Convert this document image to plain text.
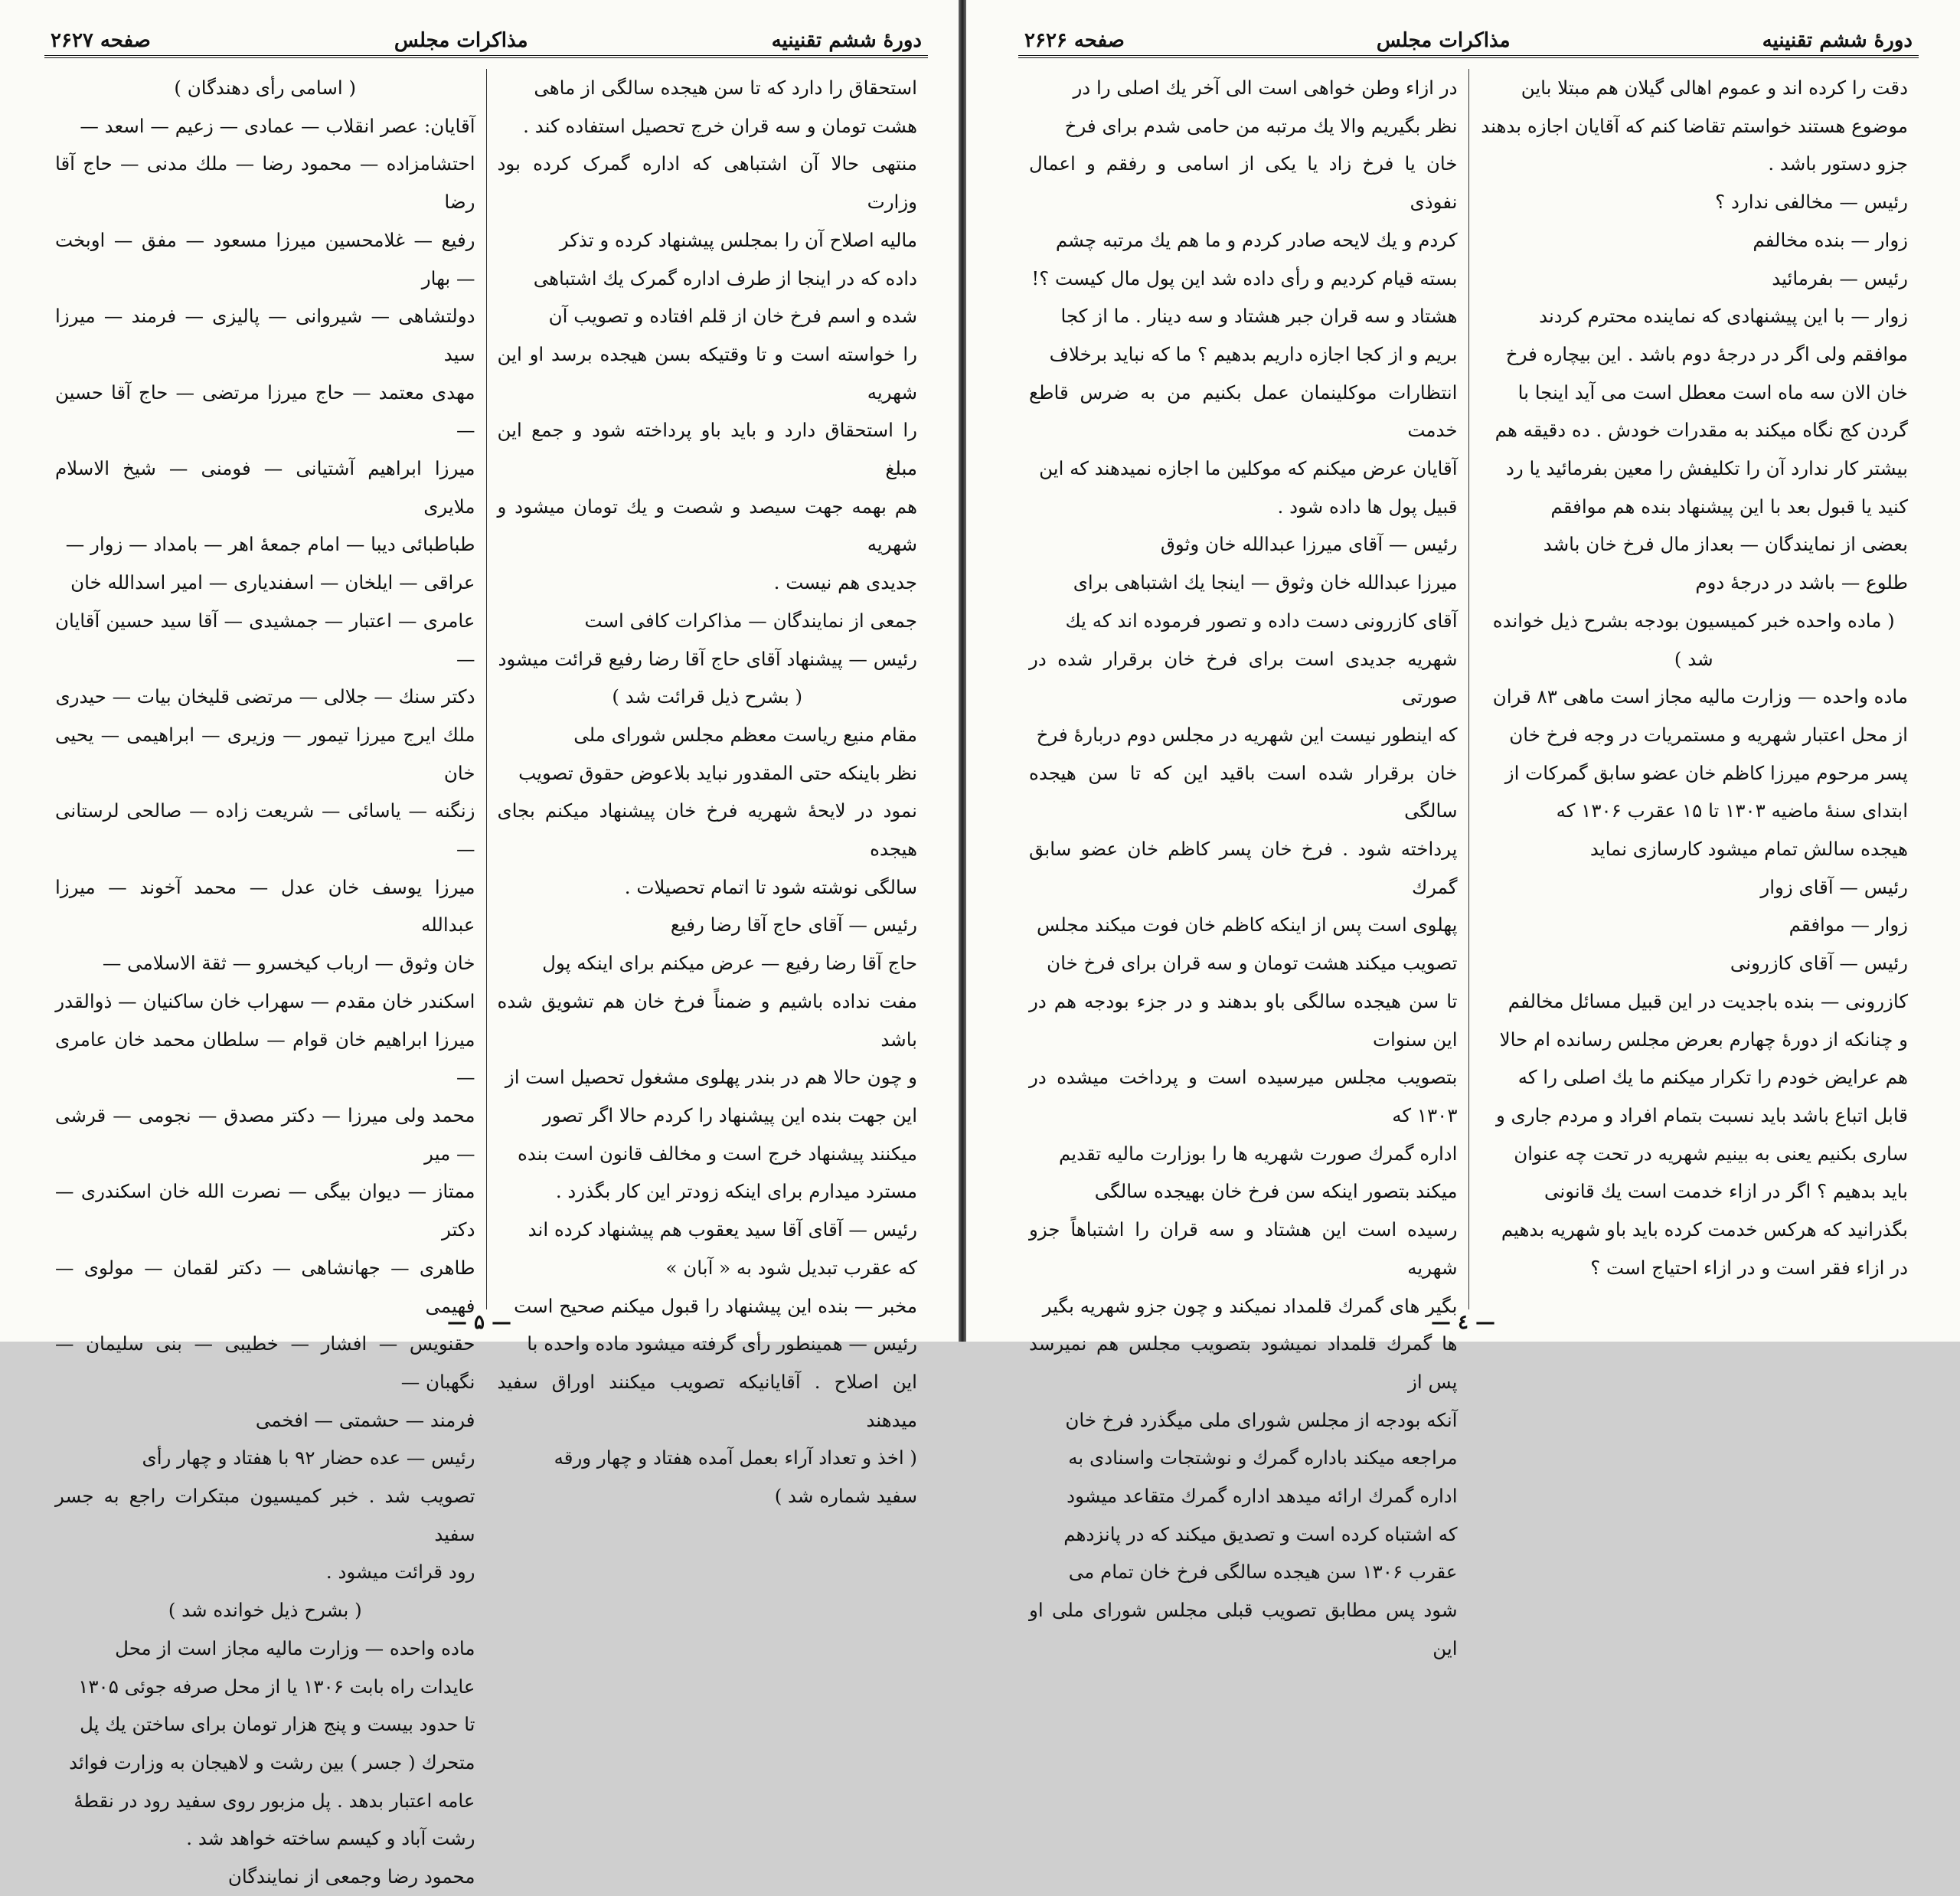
دورهٔ ششم تقنینیه
مذاکرات مجلس
صفحه ۲۶۲۷

استحقاق را دارد که تا سن هیجده سالگی از ماهی

هشت تومان و سه قران خرج تحصیل استفاده کند .

منتهی حالا آن اشتباهی که اداره گمرک کرده بود وزارت

مالیه اصلاح آن را بمجلس پیشنهاد کرده و تذکر

داده که در اینجا از طرف اداره گمرک یك اشتباهی

شده و اسم فرخ خان از قلم افتاده و تصویب آن

را خواسته است و تا وقتیکه بسن هیجده برسد او این شهریه

را استحقاق دارد و باید باو پرداخته شود و جمع این مبلغ

هم بهمه جهت سیصد و شصت و یك تومان میشود و شهریه

جدیدی هم نیست .

جمعی از نمایندگان — مذاکرات کافی است

رئیس — پیشنهاد آقای حاج آقا رضا رفیع قرائت میشود

( بشرح ذیل قرائت شد )

مقام منیع ریاست معظم مجلس شورای ملی

نظر باینکه حتی المقدور نباید بلاعوض حقوق تصویب

نمود در لایحهٔ شهریه فرخ خان پیشنهاد میکنم بجای هیجده

سالگی نوشته شود تا اتمام تحصیلات .

رئیس — آقای حاج آقا رضا رفیع

حاج آقا رضا رفیع — عرض میکنم برای اینکه پول

مفت نداده باشیم و ضمناً فرخ خان هم تشویق شده باشد

و چون حالا هم در بندر پهلوی مشغول تحصیل است از

این جهت بنده این پیشنهاد را کردم حالا اگر تصور

میکنند پیشنهاد خرج است و مخالف قانون است بنده

مسترد میدارم برای اینکه زودتر این کار بگذرد .

رئیس — آقای آقا سید یعقوب هم پیشنهاد کرده اند

که عقرب تبدیل شود به « آبان »

مخبر — بنده این پیشنهاد را قبول میکنم صحیح است

رئیس — همینطور رأی گرفته میشود ماده واحده با

این اصلاح . آقایانیکه تصویب میکنند اوراق سفید میدهند

( اخذ و تعداد آراء بعمل آمده هفتاد و چهار ورقه

سفید شماره شد )

( اسامی رأی دهندگان )

آقایان: عصر انقلاب — عمادی — زعیم — اسعد —

احتشامزاده — محمود رضا — ملك مدنی — حاج آقا رضا

رفیع — غلامحسین میرزا مسعود — مفق — اوبخت — بهار

دولتشاهی — شیروانی — پالیزی — فرمند — میرزا سید

مهدی معتمد — حاج میرزا مرتضی — حاج آقا حسین —

میرزا ابراهیم آشتیانی — فومنی — شیخ الاسلام ملایری

طباطبائی دیبا — امام جمعهٔ اهر — بامداد — زوار —

عراقی — ایلخان — اسفندیاری — امیر اسدالله خان

عامری — اعتبار — جمشیدی — آقا سید حسین آقایان —

دکتر سنك — جلالی — مرتضی قلیخان بیات — حیدری

ملك ایرج میرزا تیمور — وزیری — ابراهیمی — یحیی خان

زنگنه — یاسائی — شریعت زاده — صالحی لرستانی —

میرزا یوسف خان عدل — محمد آخوند — میرزا عبدالله

خان وثوق — ارباب کیخسرو — ثقة الاسلامی —

اسکندر خان مقدم — سهراب خان ساکنیان — ذوالقدر

میرزا ابراهیم خان قوام — سلطان محمد خان عامری —

محمد ولی میرزا — دکتر مصدق — نجومی — قرشی — میر

ممتاز — دیوان بیگی — نصرت الله خان اسکندری — دکتر

طاهری — جهانشاهی — دکتر لقمان — مولوی — فهیمی

حقنویس — افشار — خطیبی — بنی سلیمان — نگهبان —

فرمند — حشمتی — افخمی

رئیس — عده حضار ۹۲ با هفتاد و چهار رأی

تصویب شد . خبر کمیسیون مبتکرات راجع به جسر سفید

رود قرائت میشود .

( بشرح ذیل خوانده شد )

ماده واحده — وزارت مالیه مجاز است از محل

عایدات راه بابت ۱۳۰۶ یا از محل صرفه جوئی ۱۳۰۵

تا حدود بیست و پنج هزار تومان برای ساختن یك پل

متحرك ( جسر ) بین رشت و لاهیجان به وزارت فوائد

عامه اعتبار بدهد . پل مزبور روی سفید رود در نقطهٔ

رشت آباد و کیسم ساخته خواهد شد .

محمود رضا وجمعی از نمایندگان

— ۵ —
دورهٔ ششم تقنینیه
مذاکرات مجلس
صفحه ۲۶۲۶

دقت را کرده اند و عموم اهالی گیلان هم مبتلا باین

موضوع هستند خواستم تقاضا کنم که آقایان اجازه بدهند

جزو دستور باشد .

رئیس — مخالفی ندارد ؟

زوار — بنده مخالفم

رئیس — بفرمائید

زوار — با این پیشنهادی که نماینده محترم کردند

موافقم ولی اگر در درجهٔ دوم باشد . این بیچاره فرخ

خان الان سه ماه است معطل است می آید اینجا با

گردن کج نگاه میکند به مقدرات خودش . ده دقیقه هم

بیشتر کار ندارد آن را تکلیفش را معین بفرمائید یا رد

کنید یا قبول بعد با این پیشنهاد بنده هم موافقم

بعضی از نمایندگان — بعداز مال فرخ خان باشد

طلوع — باشد در درجهٔ دوم

( ماده واحده خبر کمیسیون بودجه بشرح ذیل خوانده شد )

ماده واحده — وزارت مالیه مجاز است ماهی ۸۳ قران

از محل اعتبار شهریه و مستمریات در وجه فرخ خان

پسر مرحوم میرزا کاظم خان عضو سابق گمرکات از

ابتدای سنهٔ ماضیه ۱۳۰۳ تا ۱۵ عقرب ۱۳۰۶ که

هیجده سالش تمام میشود کارسازی نماید

رئیس — آقای زوار

زوار — موافقم

رئیس — آقای کازرونی

کازرونی — بنده باجدیت در این قبیل مسائل مخالفم

و چنانکه از دورهٔ چهارم بعرض مجلس رسانده ام حالا

هم عرایض خودم را تکرار میکنم ما یك اصلی را که

قابل اتباع باشد باید نسبت بتمام افراد و مردم جاری و

ساری بکنیم یعنی به بینیم شهریه در تحت چه عنوان

باید بدهیم ؟ اگر در ازاء خدمت است یك قانونی

بگذرانید که هرکس خدمت کرده باید باو شهریه بدهیم

در ازاء فقر است و در ازاء احتیاج است ؟

در ازاء وطن خواهی است الی آخر یك اصلی را در

نظر بگیریم والا یك مرتبه من حامی شدم برای فرخ

خان یا فرخ زاد یا یکی از اسامی و رفقم و اعمال نفوذی

کردم و یك لایحه صادر کردم و ما هم یك مرتبه چشم

بسته قیام کردیم و رأی داده شد این پول مال کیست ؟!

هشتاد و سه قران جبر هشتاد و سه دینار . ما از کجا

بریم و از کجا اجازه داریم بدهیم ؟ ما که نباید برخلاف

انتظارات موکلینمان عمل بکنیم من به ضرس قاطع خدمت

آقایان عرض میکنم که موکلین ما اجازه نمیدهند که این

قبیل پول ها داده شود .

رئیس — آقای میرزا عبدالله خان وثوق

میرزا عبدالله خان وثوق — اینجا یك اشتباهی برای

آقای کازرونی دست داده و تصور فرموده اند که یك

شهریه جدیدی است برای فرخ خان برقرار شده در صورتی

که اینطور نیست این شهریه در مجلس دوم دربارهٔ فرخ

خان برقرار شده است باقید این که تا سن هیجده سالگی

پرداخته شود . فرخ خان پسر کاظم خان عضو سابق گمرك

پهلوی است پس از اینکه کاظم خان فوت میکند مجلس

تصویب میکند هشت تومان و سه قران برای فرخ خان

تا سن هیجده سالگی باو بدهند و در جزء بودجه هم در این سنوات

بتصویب مجلس میرسیده است و پرداخت میشده در ۱۳۰۳ که

اداره گمرك صورت شهریه ها را بوزارت مالیه تقدیم

میکند بتصور اینکه سن فرخ خان بهیجده سالگی

رسیده است این هشتاد و سه قران را اشتباهاً جزو شهریه

بگیر های گمرك قلمداد نمیکند و چون جزو شهریه بگیر

ها گمرك قلمداد نمیشود بتصویب مجلس هم نمیرسد پس از

آنکه بودجه از مجلس شورای ملی میگذرد فرخ خان

مراجعه میکند باداره گمرك و نوشتجات واسنادی به

اداره گمرك ارائه میدهد اداره گمرك متقاعد میشود

که اشتباه کرده است و تصدیق میکند که در پانزدهم

عقرب ۱۳۰۶ سن هیجده سالگی فرخ خان تمام می

شود پس مطابق تصویب قبلی مجلس شورای ملی او این

— ٤ —
